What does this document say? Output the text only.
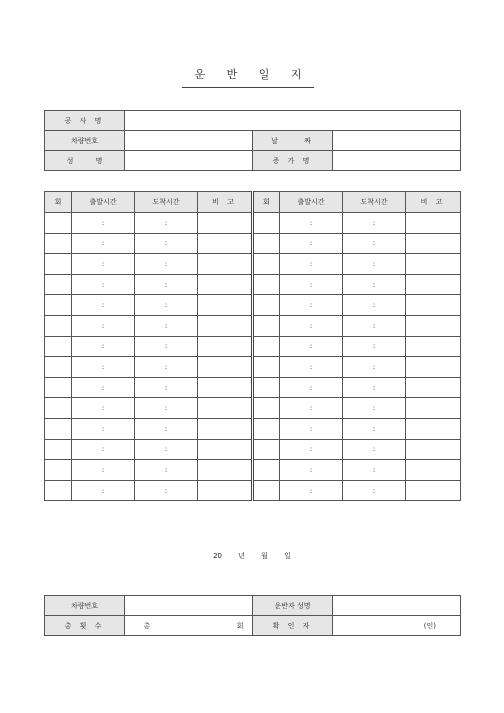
운 반 일 지
공 사 명			
차량번호		날 짜	
성 명		증 가 명	
회	출발시간	도착시간	비 고	회	출발시간	도착시간	비 고
	:	:			:	:	
	:	:			:	:	
	:	:			:	:	
	:	:			:	:	
	:	:			:	:	
	:	:			:	:	
	:	:			:	:	
	:	:			:	:	
	:	:			:	:	
	:	:			:	:	
	:	:			:	:	
	:	:			:	:	
	:	:			:	:	
	:	:			:	:	
20 년 월 일
차량번호		운반자 성명	
총 횟 수	총 회	확 인 자	(인)
